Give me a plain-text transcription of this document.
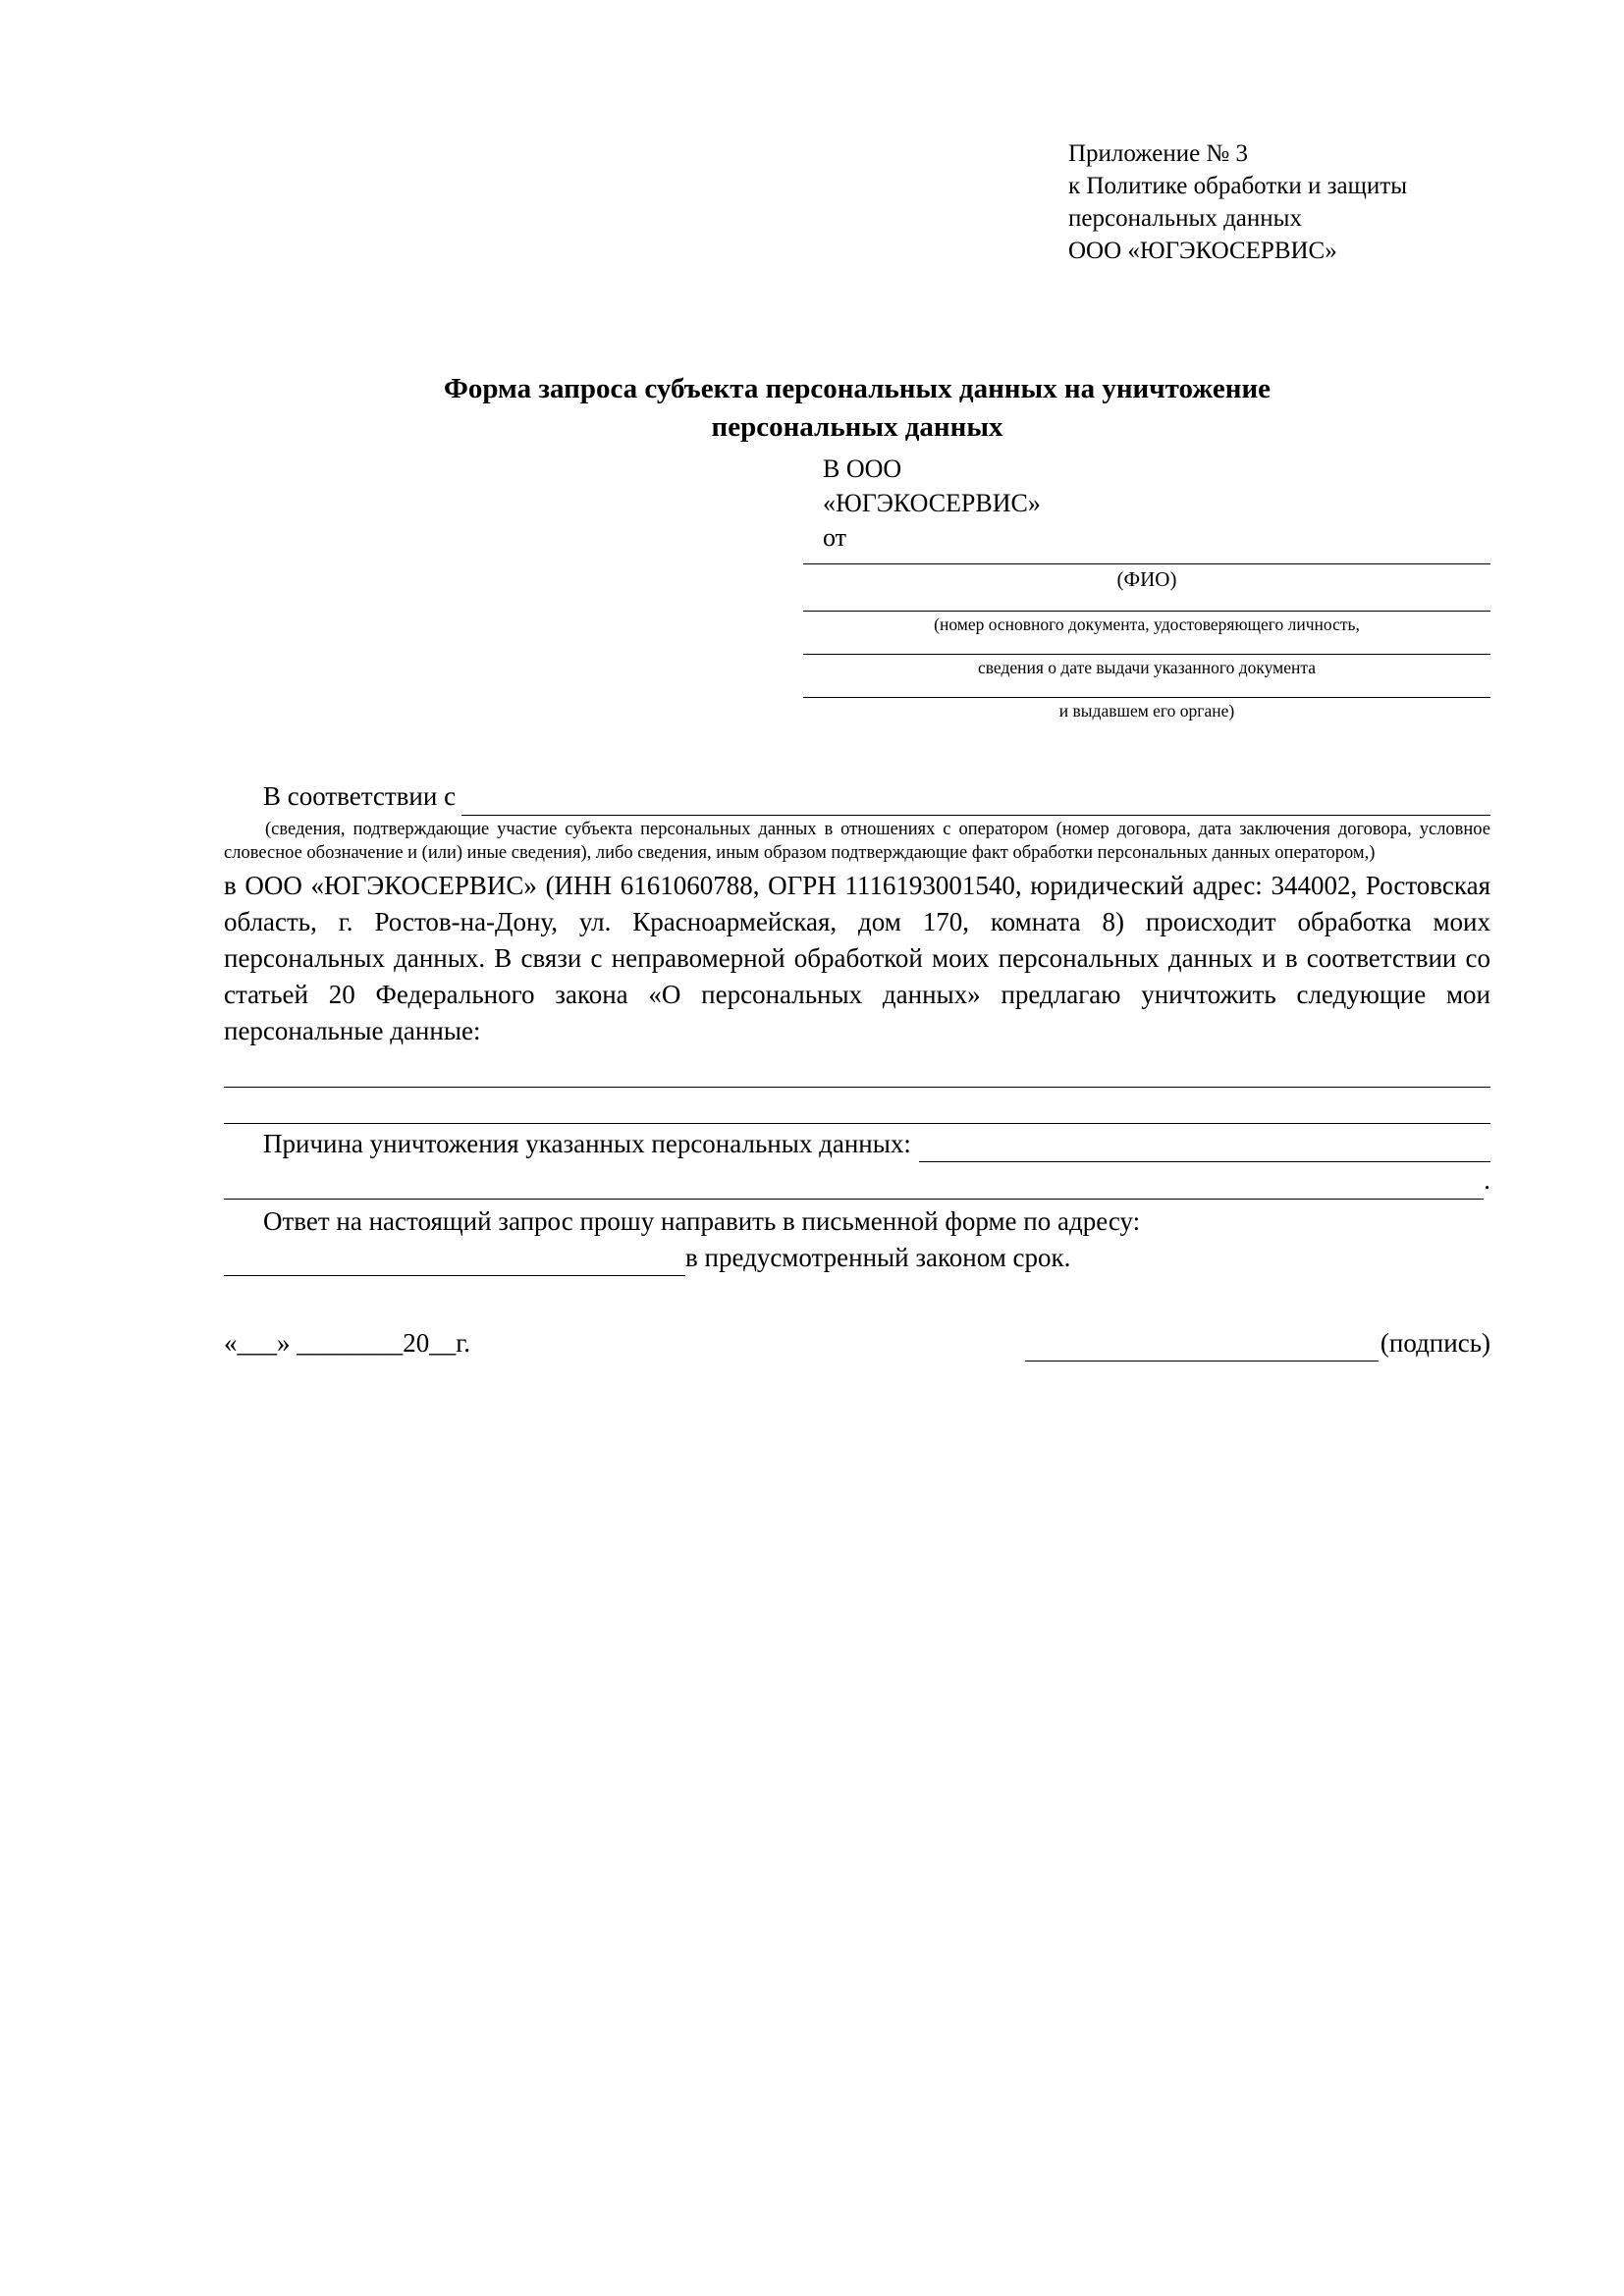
Приложение № 3
к Политике обработки и защиты
персональных данных
ООО «ЮГЭКОСЕРВИС»
Форма запроса субъекта персональных данных на уничтожение
персональных данных
В ООО
«ЮГЭКОСЕРВИС»
от
(ФИО)
(номер основного документа, удостоверяющего личность,
сведения о дате выдачи указанного документа
и выдавшем его органе)
В соответствии с
(сведения, подтверждающие участие субъекта персональных данных в отношениях с оператором (номер договора, дата заключения договора, условное словесное обозначение и (или) иные сведения), либо сведения, иным образом подтверждающие факт обработки персональных данных оператором,)
в ООО «ЮГЭКОСЕРВИС» (ИНН 6161060788, ОГРН 1116193001540, юридический адрес: 344002, Ростовская область, г. Ростов-на-Дону, ул. Красноармейская, дом 170, комната 8) происходит обработка моих персональных данных. В связи с неправомерной обработкой моих персональных данных и в соответствии со статьей 20 Федерального закона «О персональных данных» предлагаю уничтожить следующие мои персональные данные:
Причина уничтожения указанных персональных данных:
.
Ответ на настоящий запрос прошу направить в письменной форме по адресу:
в предусмотренный законом срок.
«___» ________20__г.	(подпись)
